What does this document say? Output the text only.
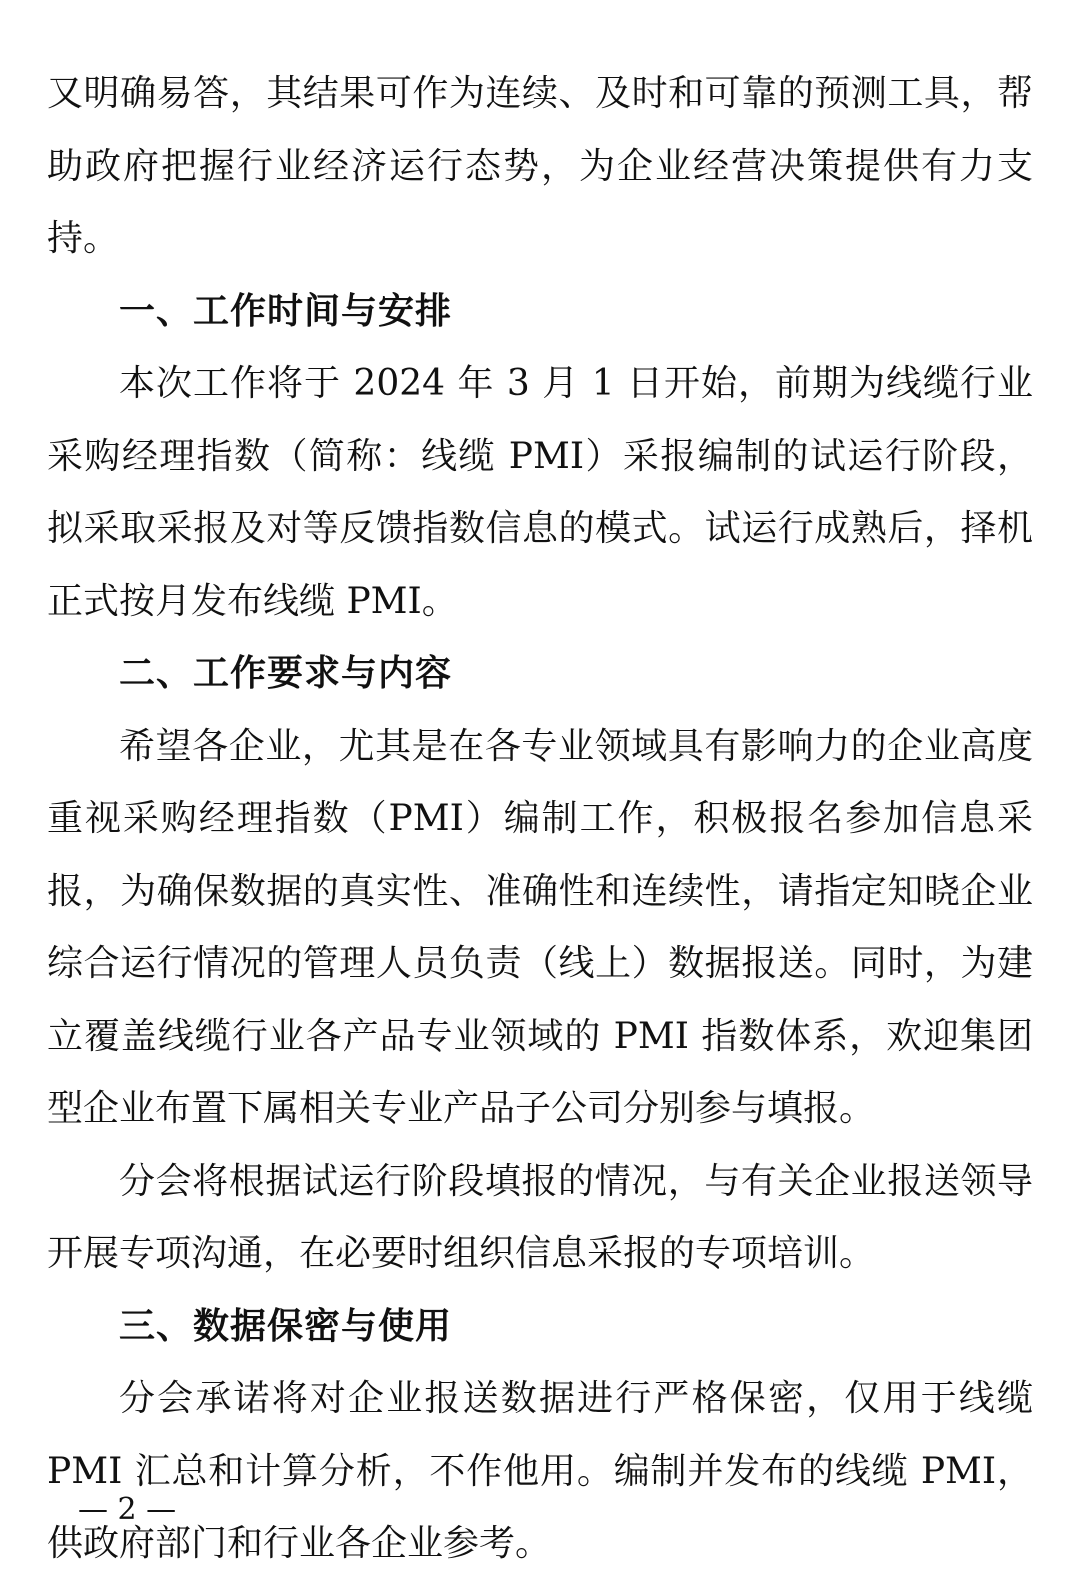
又明确易答，其结果可作为连续、及时和可靠的预测工具，帮助政府把握行业经济运行态势，为企业经营决策提供有力支持。

一、工作时间与安排

本次工作将于 2024 年 3 月 1 日开始，前期为线缆行业采购经理指数（简称：线缆 PMI）采报编制的试运行阶段，拟采取采报及对等反馈指数信息的模式。试运行成熟后，择机正式按月发布线缆 PMI。

二、工作要求与内容

希望各企业，尤其是在各专业领域具有影响力的企业高度重视采购经理指数（PMI）编制工作，积极报名参加信息采报，为确保数据的真实性、准确性和连续性，请指定知晓企业综合运行情况的管理人员负责（线上）数据报送。同时，为建立覆盖线缆行业各产品专业领域的 PMI 指数体系，欢迎集团型企业布置下属相关专业产品子公司分别参与填报。

分会将根据试运行阶段填报的情况，与有关企业报送领导开展专项沟通，在必要时组织信息采报的专项培训。

三、数据保密与使用

分会承诺将对企业报送数据进行严格保密，仅用于线缆 PMI 汇总和计算分析，不作他用。编制并发布的线缆 PMI，供政府部门和行业各企业参考。

— 2 —
